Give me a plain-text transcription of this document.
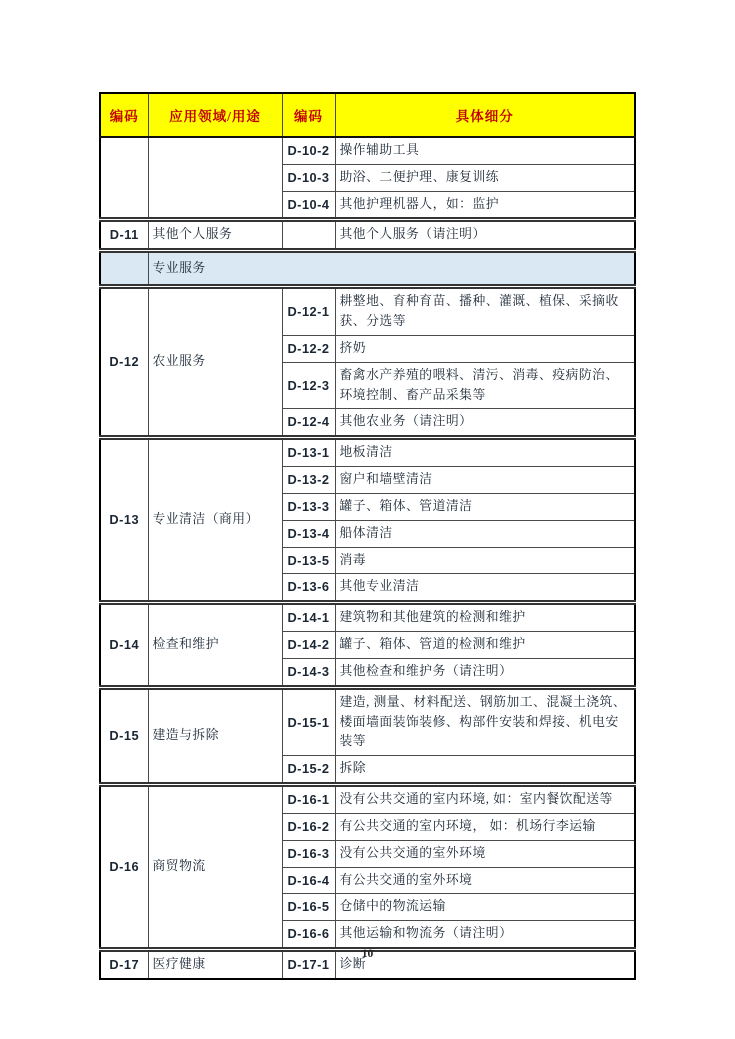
编码	应用领域/用途	编码	具体细分
		D-10-2	操作辅助工具
		D-10-3	助浴、二便护理、康复训练
		D-10-4	其他护理机器人，如：监护
D-11	其他个人服务		其他个人服务（请注明）
	专业服务		
D-12	农业服务	D-12-1	耕整地、育种育苗、播种、灌溉、植保、采摘收获、分选等
		D-12-2	挤奶
		D-12-3	畜禽水产养殖的喂料、清污、消毒、疫病防治、环境控制、畜产品采集等
		D-12-4	其他农业务（请注明）
D-13	专业清洁（商用）	D-13-1	地板清洁
		D-13-2	窗户和墙壁清洁
		D-13-3	罐子、箱体、管道清洁
		D-13-4	船体清洁
		D-13-5	消毒
		D-13-6	其他专业清洁
D-14	检查和维护	D-14-1	建筑物和其他建筑的检测和维护
		D-14-2	罐子、箱体、管道的检测和维护
		D-14-3	其他检查和维护务（请注明）
D-15	建造与拆除	D-15-1	建造, 测量、材料配送、钢筋加工、混凝土浇筑、楼面墙面装饰装修、构部件安装和焊接、机电安装等
		D-15-2	拆除
D-16	商贸物流	D-16-1	没有公共交通的室内环境, 如：室内餐饮配送等
		D-16-2	有公共交通的室内环境， 如：机场行李运输
		D-16-3	没有公共交通的室外环境
		D-16-4	有公共交通的室外环境
		D-16-5	仓储中的物流运输
		D-16-6	其他运输和物流务（请注明）
D-17	医疗健康	D-17-1	诊断
10
